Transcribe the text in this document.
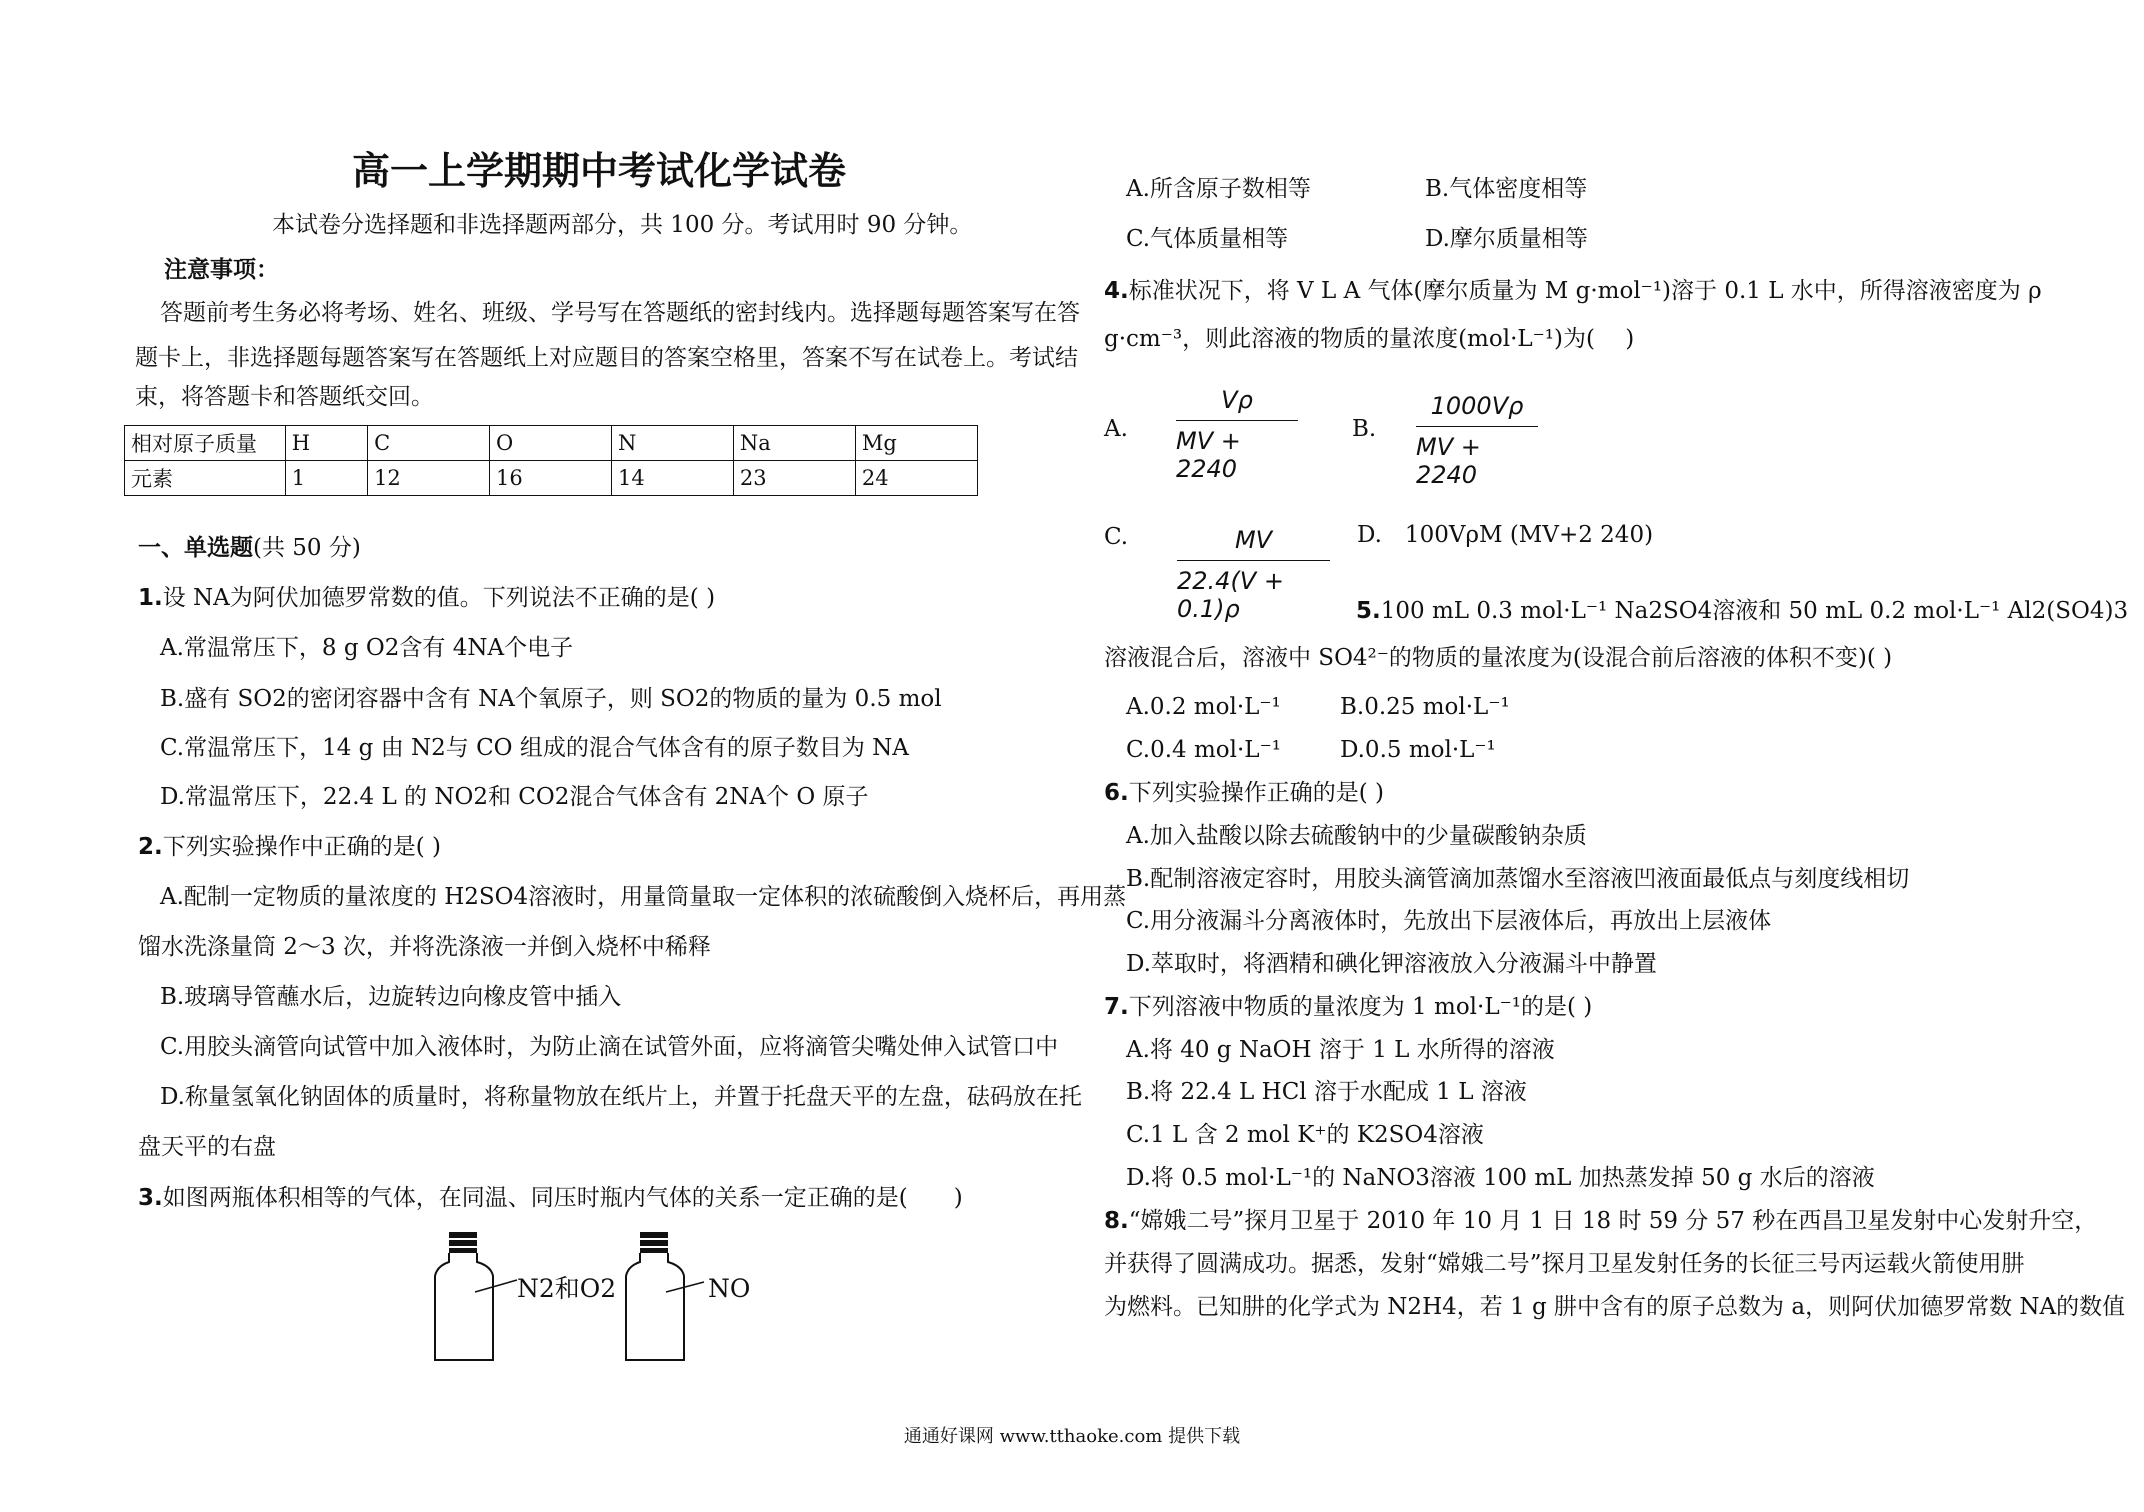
高一上学期期中考试化学试卷
本试卷分选择题和非选择题两部分，共 100 分。考试用时 90 分钟。
注意事项：
答题前考生务必将考场、姓名、班级、学号写在答题纸的密封线内。选择题每题答案写在答
题卡上，非选择题每题答案写在答题纸上对应题目的答案空格里，答案不写在试卷上。考试结
束，将答题卡和答题纸交回。
相对原子质量	H	C	O	N	Na	Mg
元素	1	12	16	14	23	24
一、单选题(共 50 分)
1.设 NA为阿伏加德罗常数的值。下列说法不正确的是( )
A.常温常压下，8 g O2含有 4NA个电子
B.盛有 SO2的密闭容器中含有 NA个氧原子，则 SO2的物质的量为 0.5 mol
C.常温常压下，14 g 由 N2与 CO 组成的混合气体含有的原子数目为 NA
D.常温常压下，22.4 L 的 NO2和 CO2混合气体含有 2NA个 O 原子
2.下列实验操作中正确的是( )
A.配制一定物质的量浓度的 H2SO4溶液时，用量筒量取一定体积的浓硫酸倒入烧杯后，再用蒸
馏水洗涤量筒 2～3 次，并将洗涤液一并倒入烧杯中稀释
B.玻璃导管蘸水后，边旋转边向橡皮管中插入
C.用胶头滴管向试管中加入液体时，为防止滴在试管外面，应将滴管尖嘴处伸入试管口中
D.称量氢氧化钠固体的质量时，将称量物放在纸片上，并置于托盘天平的左盘，砝码放在托
盘天平的右盘
3.如图两瓶体积相等的气体，在同温、同压时瓶内气体的关系一定正确的是(　　)
N2和O2	NO
A.所含原子数相等	B.气体密度相等
C.气体质量相等	D.摩尔质量相等
4.标准状况下，将 V L A 气体(摩尔质量为 M g·mol⁻¹)溶于 0.1 L 水中，所得溶液密度为 ρ
g·cm⁻³，则此溶液的物质的量浓度(mol·L⁻¹)为(　 )
A.
Vρ
MV + 2240
B.
1000Vρ
MV + 2240
C.	MV
22.4(V + 0.1)ρ
D.　100VρM (MV+2 240)
5.100 mL 0.3 mol·L⁻¹ Na2SO4溶液和 50 mL 0.2 mol·L⁻¹ Al2(SO4)3
溶液混合后，溶液中 SO4²⁻的物质的量浓度为(设混合前后溶液的体积不变)( )
A.0.2 mol·L⁻¹	B.0.25 mol·L⁻¹
C.0.4 mol·L⁻¹	D.0.5 mol·L⁻¹
6.下列实验操作正确的是( )
A.加入盐酸以除去硫酸钠中的少量碳酸钠杂质
B.配制溶液定容时，用胶头滴管滴加蒸馏水至溶液凹液面最低点与刻度线相切
C.用分液漏斗分离液体时，先放出下层液体后，再放出上层液体
D.萃取时，将酒精和碘化钾溶液放入分液漏斗中静置
7.下列溶液中物质的量浓度为 1 mol·L⁻¹的是( )
A.将 40 g NaOH 溶于 1 L 水所得的溶液
B.将 22.4 L HCl 溶于水配成 1 L 溶液
C.1 L 含 2 mol K⁺的 K2SO4溶液
D.将 0.5 mol·L⁻¹的 NaNO3溶液 100 mL 加热蒸发掉 50 g 水后的溶液
8.“嫦娥二号”探月卫星于 2010 年 10 月 1 日 18 时 59 分 57 秒在西昌卫星发射中心发射升空，
并获得了圆满成功。据悉，发射“嫦娥二号”探月卫星发射任务的长征三号丙运载火箭使用肼
为燃料。已知肼的化学式为 N2H4，若 1 g 肼中含有的原子总数为 a，则阿伏加德罗常数 NA的数值
通通好课网 www.tthaoke.com 提供下载
